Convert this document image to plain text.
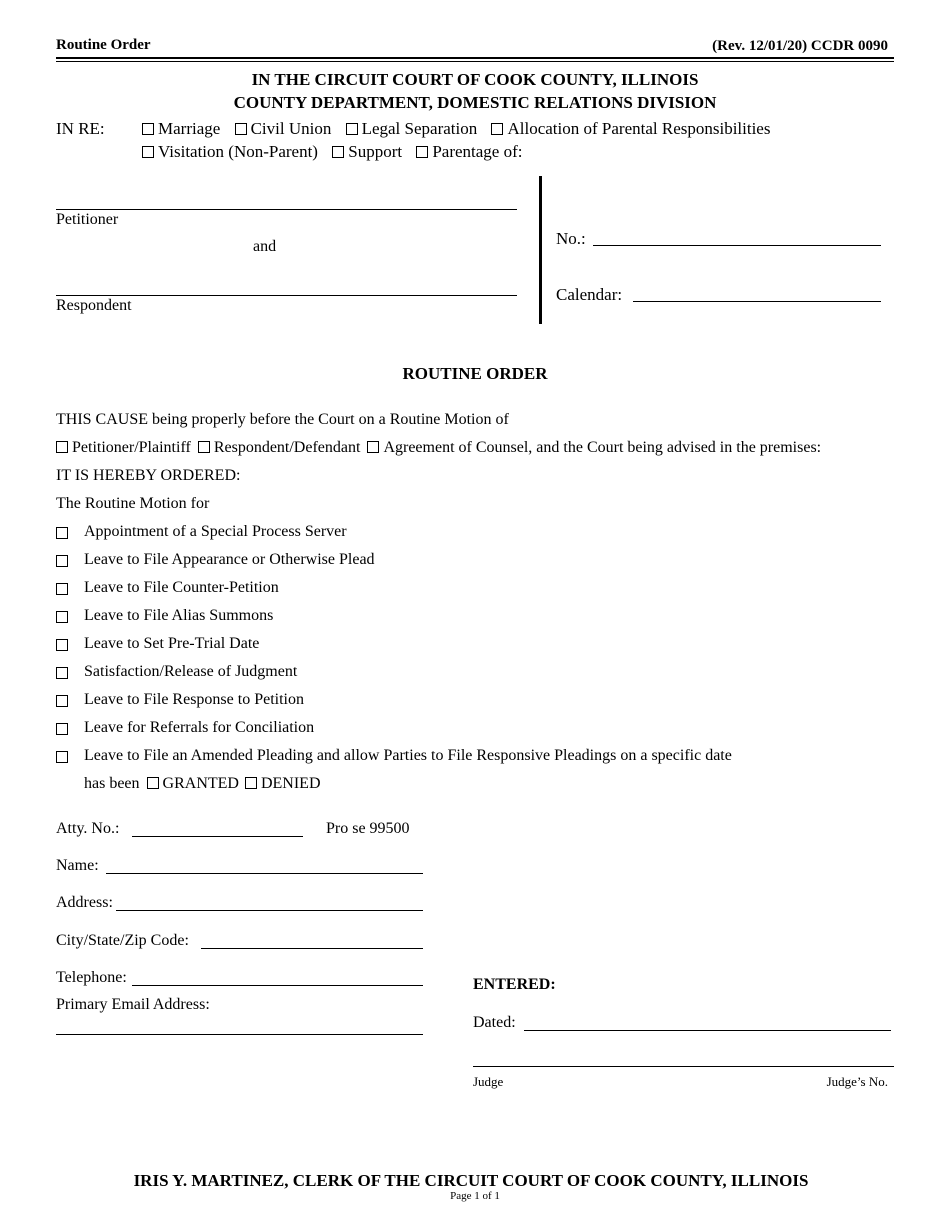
Routine Order	(Rev. 12/01/20) CCDR 0090
IN THE CIRCUIT COURT OF COOK COUNTY, ILLINOIS
COUNTY DEPARTMENT, DOMESTIC RELATIONS DIVISION
IN RE:	Marriage Civil Union Legal Separation Allocation of Parental Responsibilities
Visitation (Non-Parent) Support Parentage of:
Petitioner
and
Respondent
No.:
Calendar:
ROUTINE ORDER
THIS CAUSE being properly before the Court on a Routine Motion of
Petitioner/Plaintiff Respondent/Defendant Agreement of Counsel, and the Court being advised in the premises:
IT IS HEREBY ORDERED:
The Routine Motion for
Appointment of a Special Process Server
Leave to File Appearance or Otherwise Plead
Leave to File Counter-Petition
Leave to File Alias Summons
Leave to Set Pre-Trial Date
Satisfaction/Release of Judgment
Leave to File Response to Petition
Leave for Referrals for Conciliation
Leave to File an Amended Pleading and allow Parties to File Responsive Pleadings on a specific date
has been GRANTED DENIED
Atty. No.:	Pro se 99500
Name:
Address:
City/State/Zip Code:
Telephone:
Primary Email Address:
ENTERED:
Dated:
Judge	Judge’s No.
IRIS Y. MARTINEZ, CLERK OF THE CIRCUIT COURT OF COOK COUNTY, ILLINOIS
Page 1 of 1
